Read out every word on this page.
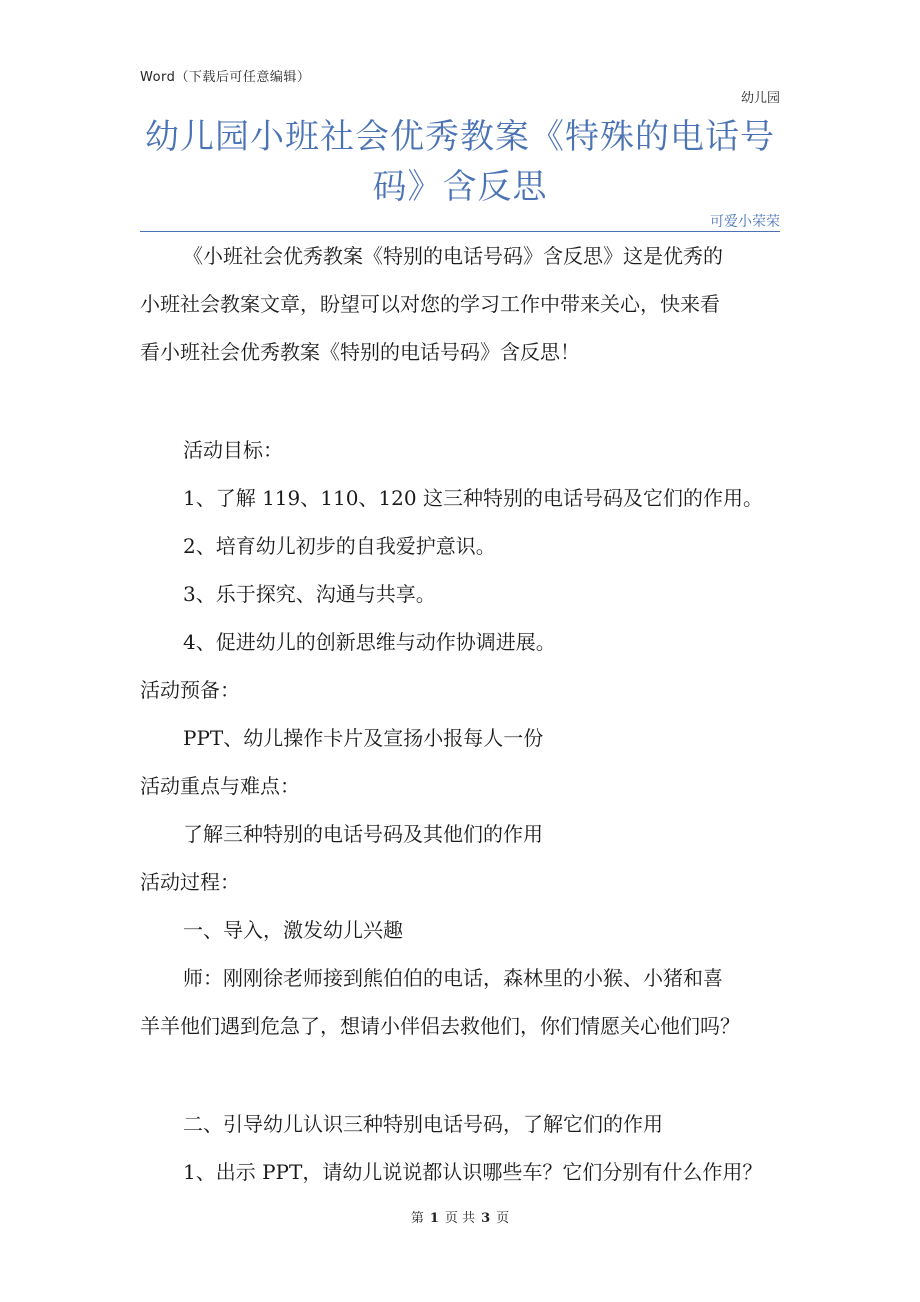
Word（下载后可任意编辑）
幼儿园
幼儿园小班社会优秀教案《特殊的电话号
码》含反思
可爱小荣荣
《小班社会优秀教案《特别的电话号码》含反思》这是优秀的
小班社会教案文章，盼望可以对您的学习工作中带来关心，快来看
看小班社会优秀教案《特别的电话号码》含反思！
活动目标：
1、了解 119、110、120 这三种特别的电话号码及它们的作用。
2、培育幼儿初步的自我爱护意识。
3、乐于探究、沟通与共享。
4、促进幼儿的创新思维与动作协调进展。
活动预备：
PPT、幼儿操作卡片及宣扬小报每人一份
活动重点与难点：
了解三种特别的电话号码及其他们的作用
活动过程：
一、导入，激发幼儿兴趣
师：刚刚徐老师接到熊伯伯的电话，森林里的小猴、小猪和喜
羊羊他们遇到危急了，想请小伴侣去救他们，你们情愿关心他们吗？
二、引导幼儿认识三种特别电话号码，了解它们的作用
1、出示 PPT，请幼儿说说都认识哪些车？它们分别有什么作用？
第 1 页 共 3 页
